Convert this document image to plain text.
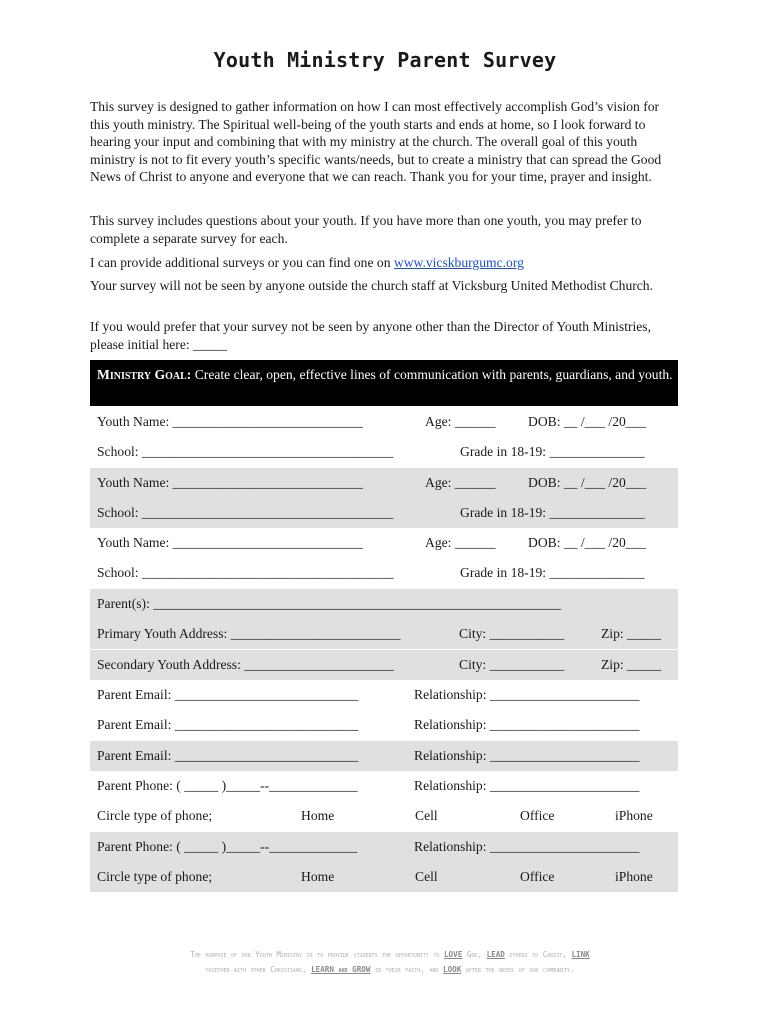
Youth Ministry Parent Survey

This survey is designed to gather information on how I can most effectively accomplish God’s vision for this youth ministry. The Spiritual well-being of the youth starts and ends at home, so I look forward to hearing your input and combining that with my ministry at the church. The overall goal of this youth ministry is not to fit every youth’s specific wants/needs, but to create a ministry that can spread the Good News of Christ to anyone and everyone that we can reach. Thank you for your time, prayer and insight.

This survey includes questions about your youth. If you have more than one youth, you may prefer to complete a separate survey for each.

I can provide additional surveys or you can find one on www.vicskburgumc.org

Your survey will not be seen by anyone outside the church staff at Vicksburg United Methodist Church.

If you would prefer that your survey not be seen by anyone other than the Director of Youth Ministries, please initial here: _____

Ministry Goal: Create clear, open, effective lines of communication with parents, guardians, and youth.
Youth Name: ____________________________	Age: ______ DOB: __ /___ /20___
School: _____________________________________	Grade in 18-19: ______________
Youth Name: ____________________________	Age: ______ DOB: __ /___ /20___
School: _____________________________________	Grade in 18-19: ______________
Youth Name: ____________________________	Age: ______ DOB: __ /___ /20___
School: _____________________________________	Grade in 18-19: ______________
Parent(s): ____________________________________________________________
Primary Youth Address: _________________________	City: ___________	Zip: _____
Secondary Youth Address: ______________________	City: ___________	Zip: _____
Parent Email: ___________________________	Relationship: ______________________
Parent Email: ___________________________	Relationship: ______________________
Parent Email: ___________________________	Relationship: ______________________
Parent Phone: ( _____ )_____--_____________	Relationship: ______________________
Circle type of phone;	Home	Cell	Office	iPhone
Parent Phone: ( _____ )_____--_____________	Relationship: ______________________
Circle type of phone;	Home	Cell	Office	iPhone
The purpose of our Youth Ministry is to provide students the opportunity to LOVE God, LEAD others to Christ, LINK
together with other Christians, LEARN and GROW in their faith, and LOOK after the needs of our community.
